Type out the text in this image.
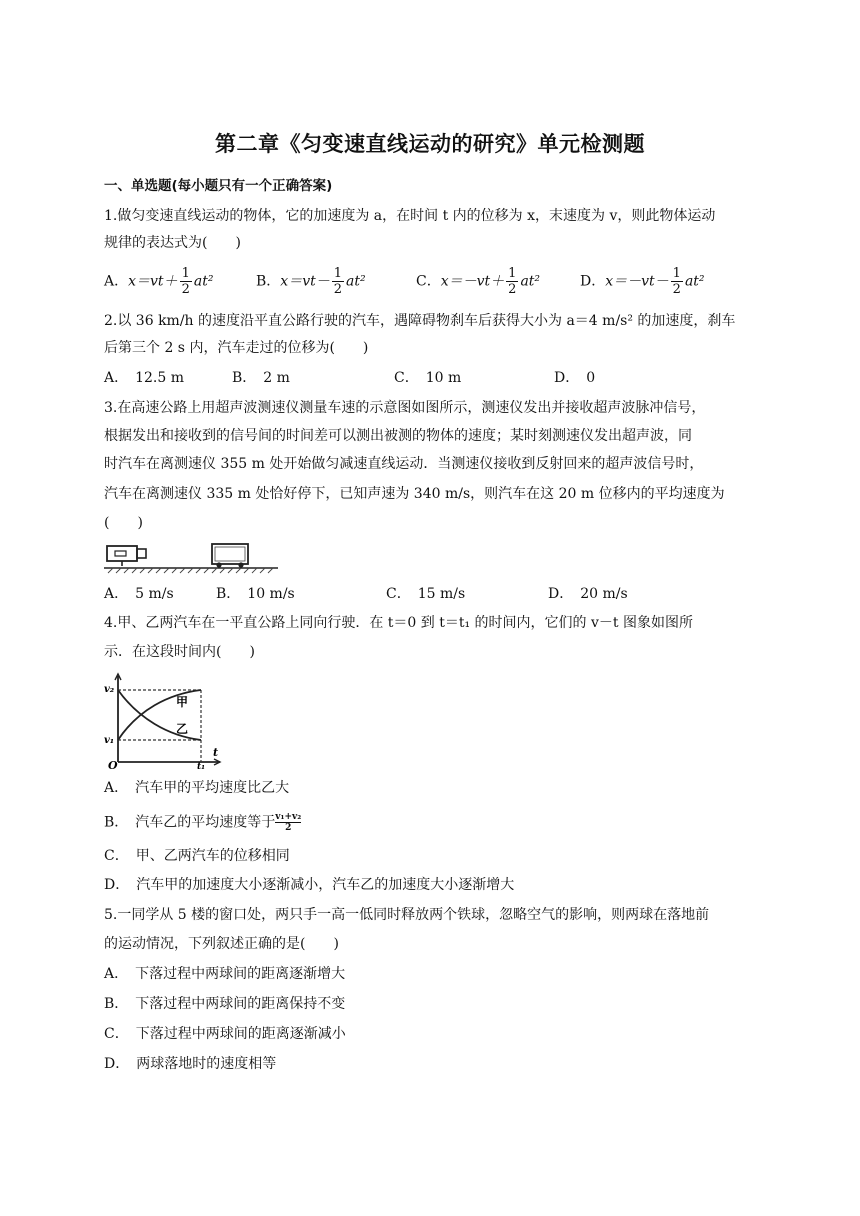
第二章《匀变速直线运动的研究》单元检测题
一、单选题(每小题只有一个正确答案)
1.做匀变速直线运动的物体，它的加速度为 a，在时间 t 内的位移为 x，末速度为 v，则此物体运动
规律的表达式为(　　)
A．$x=vt+ \frac{1}{2} at^2$	B．$x=vt- \frac{1}{2} at^2$	C．$x=-vt+ \frac{1}{2} at^2$	D．$x=-vt- \frac{1}{2} at^2$
2.以 36 km/h 的速度沿平直公路行驶的汽车，遇障碍物刹车后获得大小为 a＝4 m/s² 的加速度，刹车
后第三个 2 s 内，汽车走过的位移为(　　)
A．　12.5 m	B．　2 m	C．　10 m	D．　0
3.在高速公路上用超声波测速仪测量车速的示意图如图所示，测速仪发出并接收超声波脉冲信号，
根据发出和接收到的信号间的时间差可以测出被测的物体的速度；某时刻测速仪发出超声波，同
时汽车在离测速仪 355 m 处开始做匀减速直线运动．当测速仪接收到反射回来的超声波信号时，
汽车在离测速仪 335 m 处恰好停下，已知声速为 340 m/s，则汽车在这 20 m 位移内的平均速度为
(　　)
A．　5 m/s	B．　10 m/s	C．　15 m/s	D．　20 m/s
4.甲、乙两汽车在一平直公路上同向行驶．在 t＝0 到 t＝t₁ 的时间内，它们的 v－t 图象如图所
示．在这段时间内(　　)
v₂
v₁
O	t₁
t
甲
乙
A．　汽车甲的平均速度比乙大
B．　汽车乙的平均速度等于 $\frac{\text{v₁+v₂}}{2}$
C．　甲、乙两汽车的位移相同
D．　汽车甲的加速度大小逐渐减小，汽车乙的加速度大小逐渐增大
5.一同学从 5 楼的窗口处，两只手一高一低同时释放两个铁球，忽略空气的影响，则两球在落地前
的运动情况，下列叙述正确的是(　　)
A．　下落过程中两球间的距离逐渐增大
B．　下落过程中两球间的距离保持不变
C．　下落过程中两球间的距离逐渐减小
D．　两球落地时的速度相等
